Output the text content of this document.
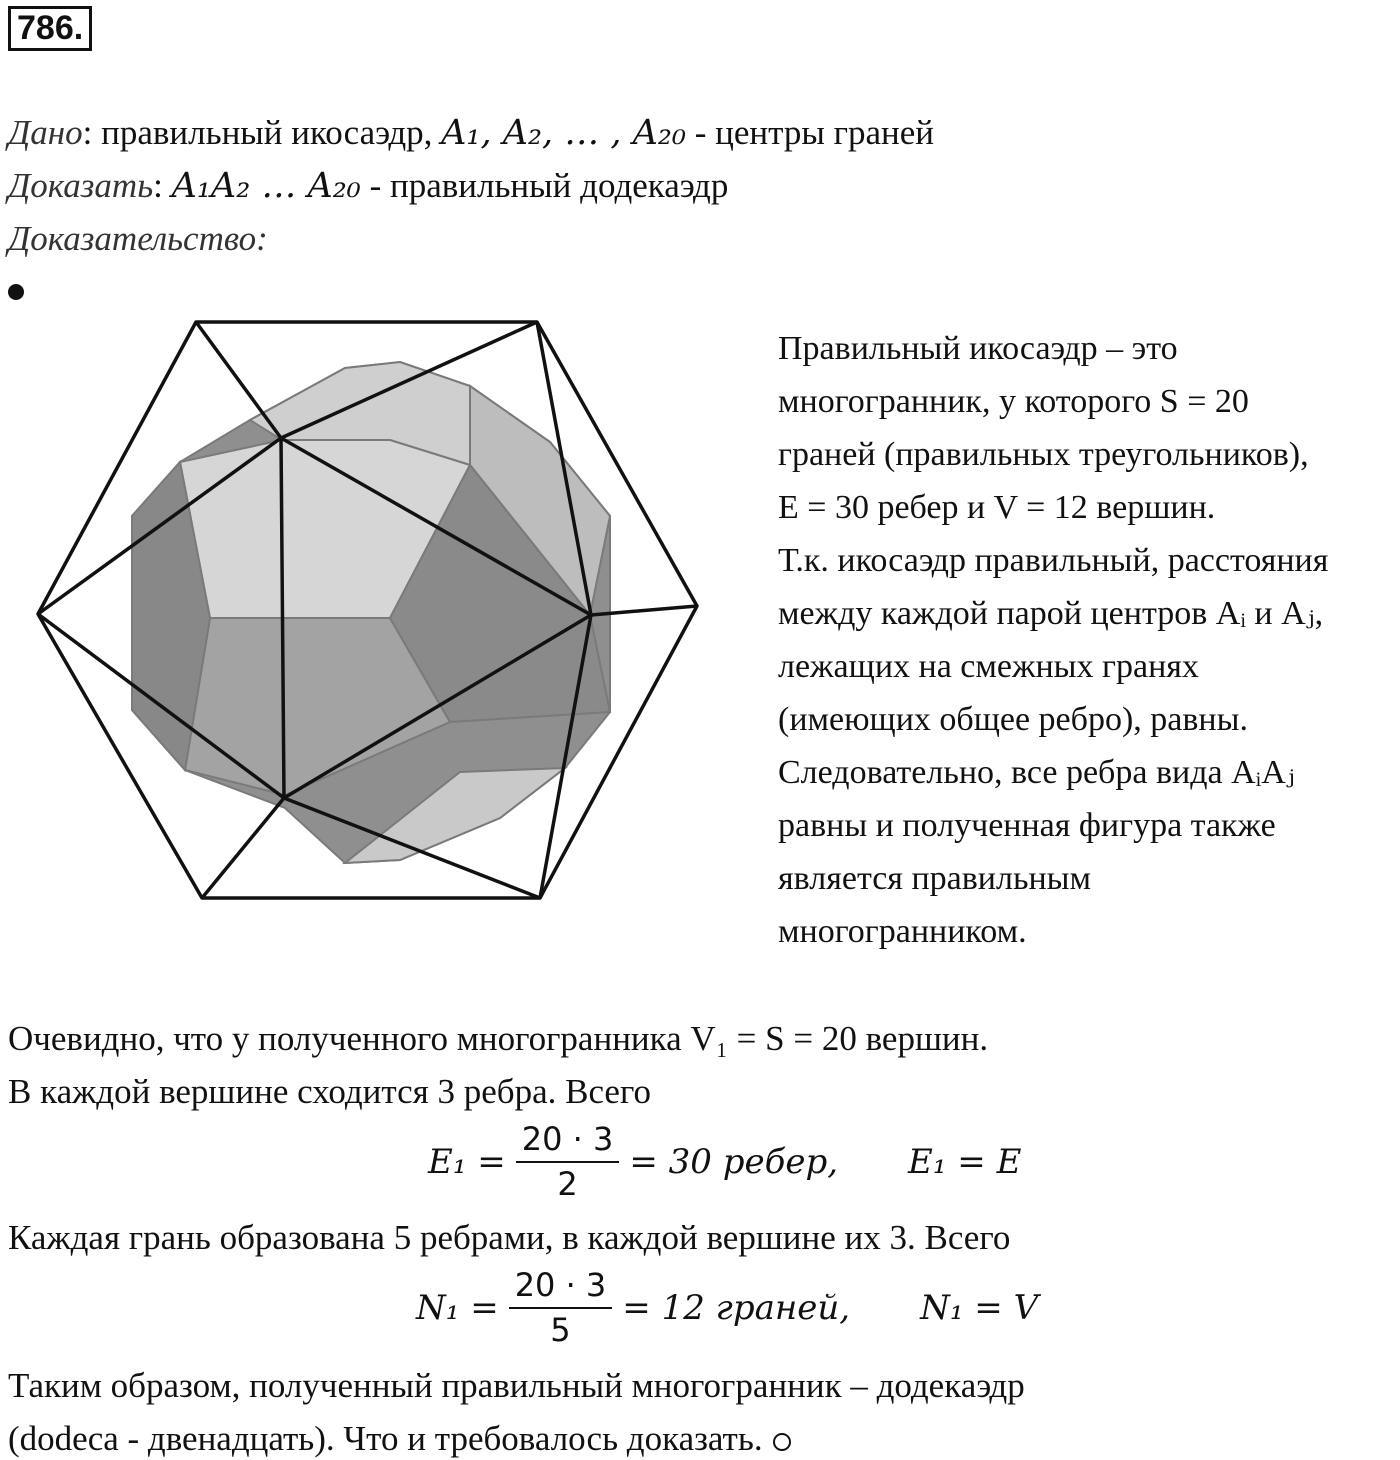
786.
Дано: правильный икосаэдр, A₁, A₂, … , A₂₀ - центры граней
Доказать: A₁A₂ … A₂₀ - правильный додекаэдр
Доказательство:
Правильный икосаэдр – это
многогранник, у которого S = 20
граней (правильных треугольников),
E = 30 ребер и V = 12 вершин.
Т.к. икосаэдр правильный, расстояния
между каждой парой центров Aᵢ и Aⱼ,
лежащих на смежных гранях
(имеющих общее ребро), равны.
Следовательно, все ребра вида AᵢAⱼ
равны и полученная фигура также
является правильным
многогранником.
Очевидно, что у полученного многогранника V₁ = S = 20 вершин.
В каждой вершине сходится 3 ребра. Всего
$E_1 = \frac{20 \cdot 3}{2} = 30$ ребер, E₁ = E
Каждая грань образована 5 ребрами, в каждой вершине их 3. Всего
$N_1 = \frac{20 \cdot 3}{5} = 12$ граней, N₁ = V
Таким образом, полученный правильный многогранник – додекаэдр
(dodeca - двенадцать). Что и требовалось доказать.
